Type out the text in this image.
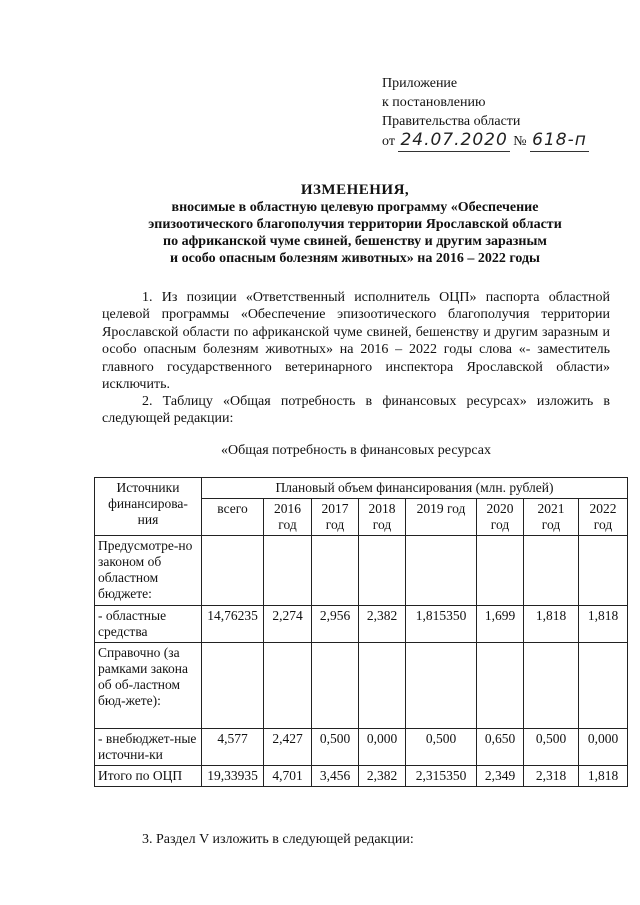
Приложение
к постановлению
Правительства области
от 24.07.2020 № 618-п
ИЗМЕНЕНИЯ,
вносимые в областную целевую программу «Обеспечение
эпизоотического благополучия территории Ярославской области
по африканской чуме свиней, бешенству и другим заразным
и особо опасным болезням животных» на 2016 – 2022 годы
1. Из позиции «Ответственный исполнитель ОЦП» паспорта областной целевой программы «Обеспечение эпизоотического благополучия территории Ярославской области по африканской чуме свиней, бешенству и другим заразным и особо опасным болезням животных» на 2016 – 2022 годы слова «- заместитель главного государственного ветеринарного инспектора Ярославской области» исключить.
2. Таблицу «Общая потребность в финансовых ресурсах» изложить в следующей редакции:
«Общая потребность в финансовых ресурсах
Источники финансирова-ния	Плановый объем финансирования (млн. рублей)							
	всего	2016 год	2017 год	2018 год	2019 год	2020 год	2021 год	2022 год
Предусмотре-но законом об областном бюджете:								
- областные средства	14,76235	2,274	2,956	2,382	1,815350	1,699	1,818	1,818
Справочно (за рамками закона об об-ластном бюд-жете):								
- внебюджет-ные источни-ки	4,577	2,427	0,500	0,000	0,500	0,650	0,500	0,000
Итого по ОЦП	19,33935	4,701	3,456	2,382	2,315350	2,349	2,318	1,818
3. Раздел V изложить в следующей редакции:
